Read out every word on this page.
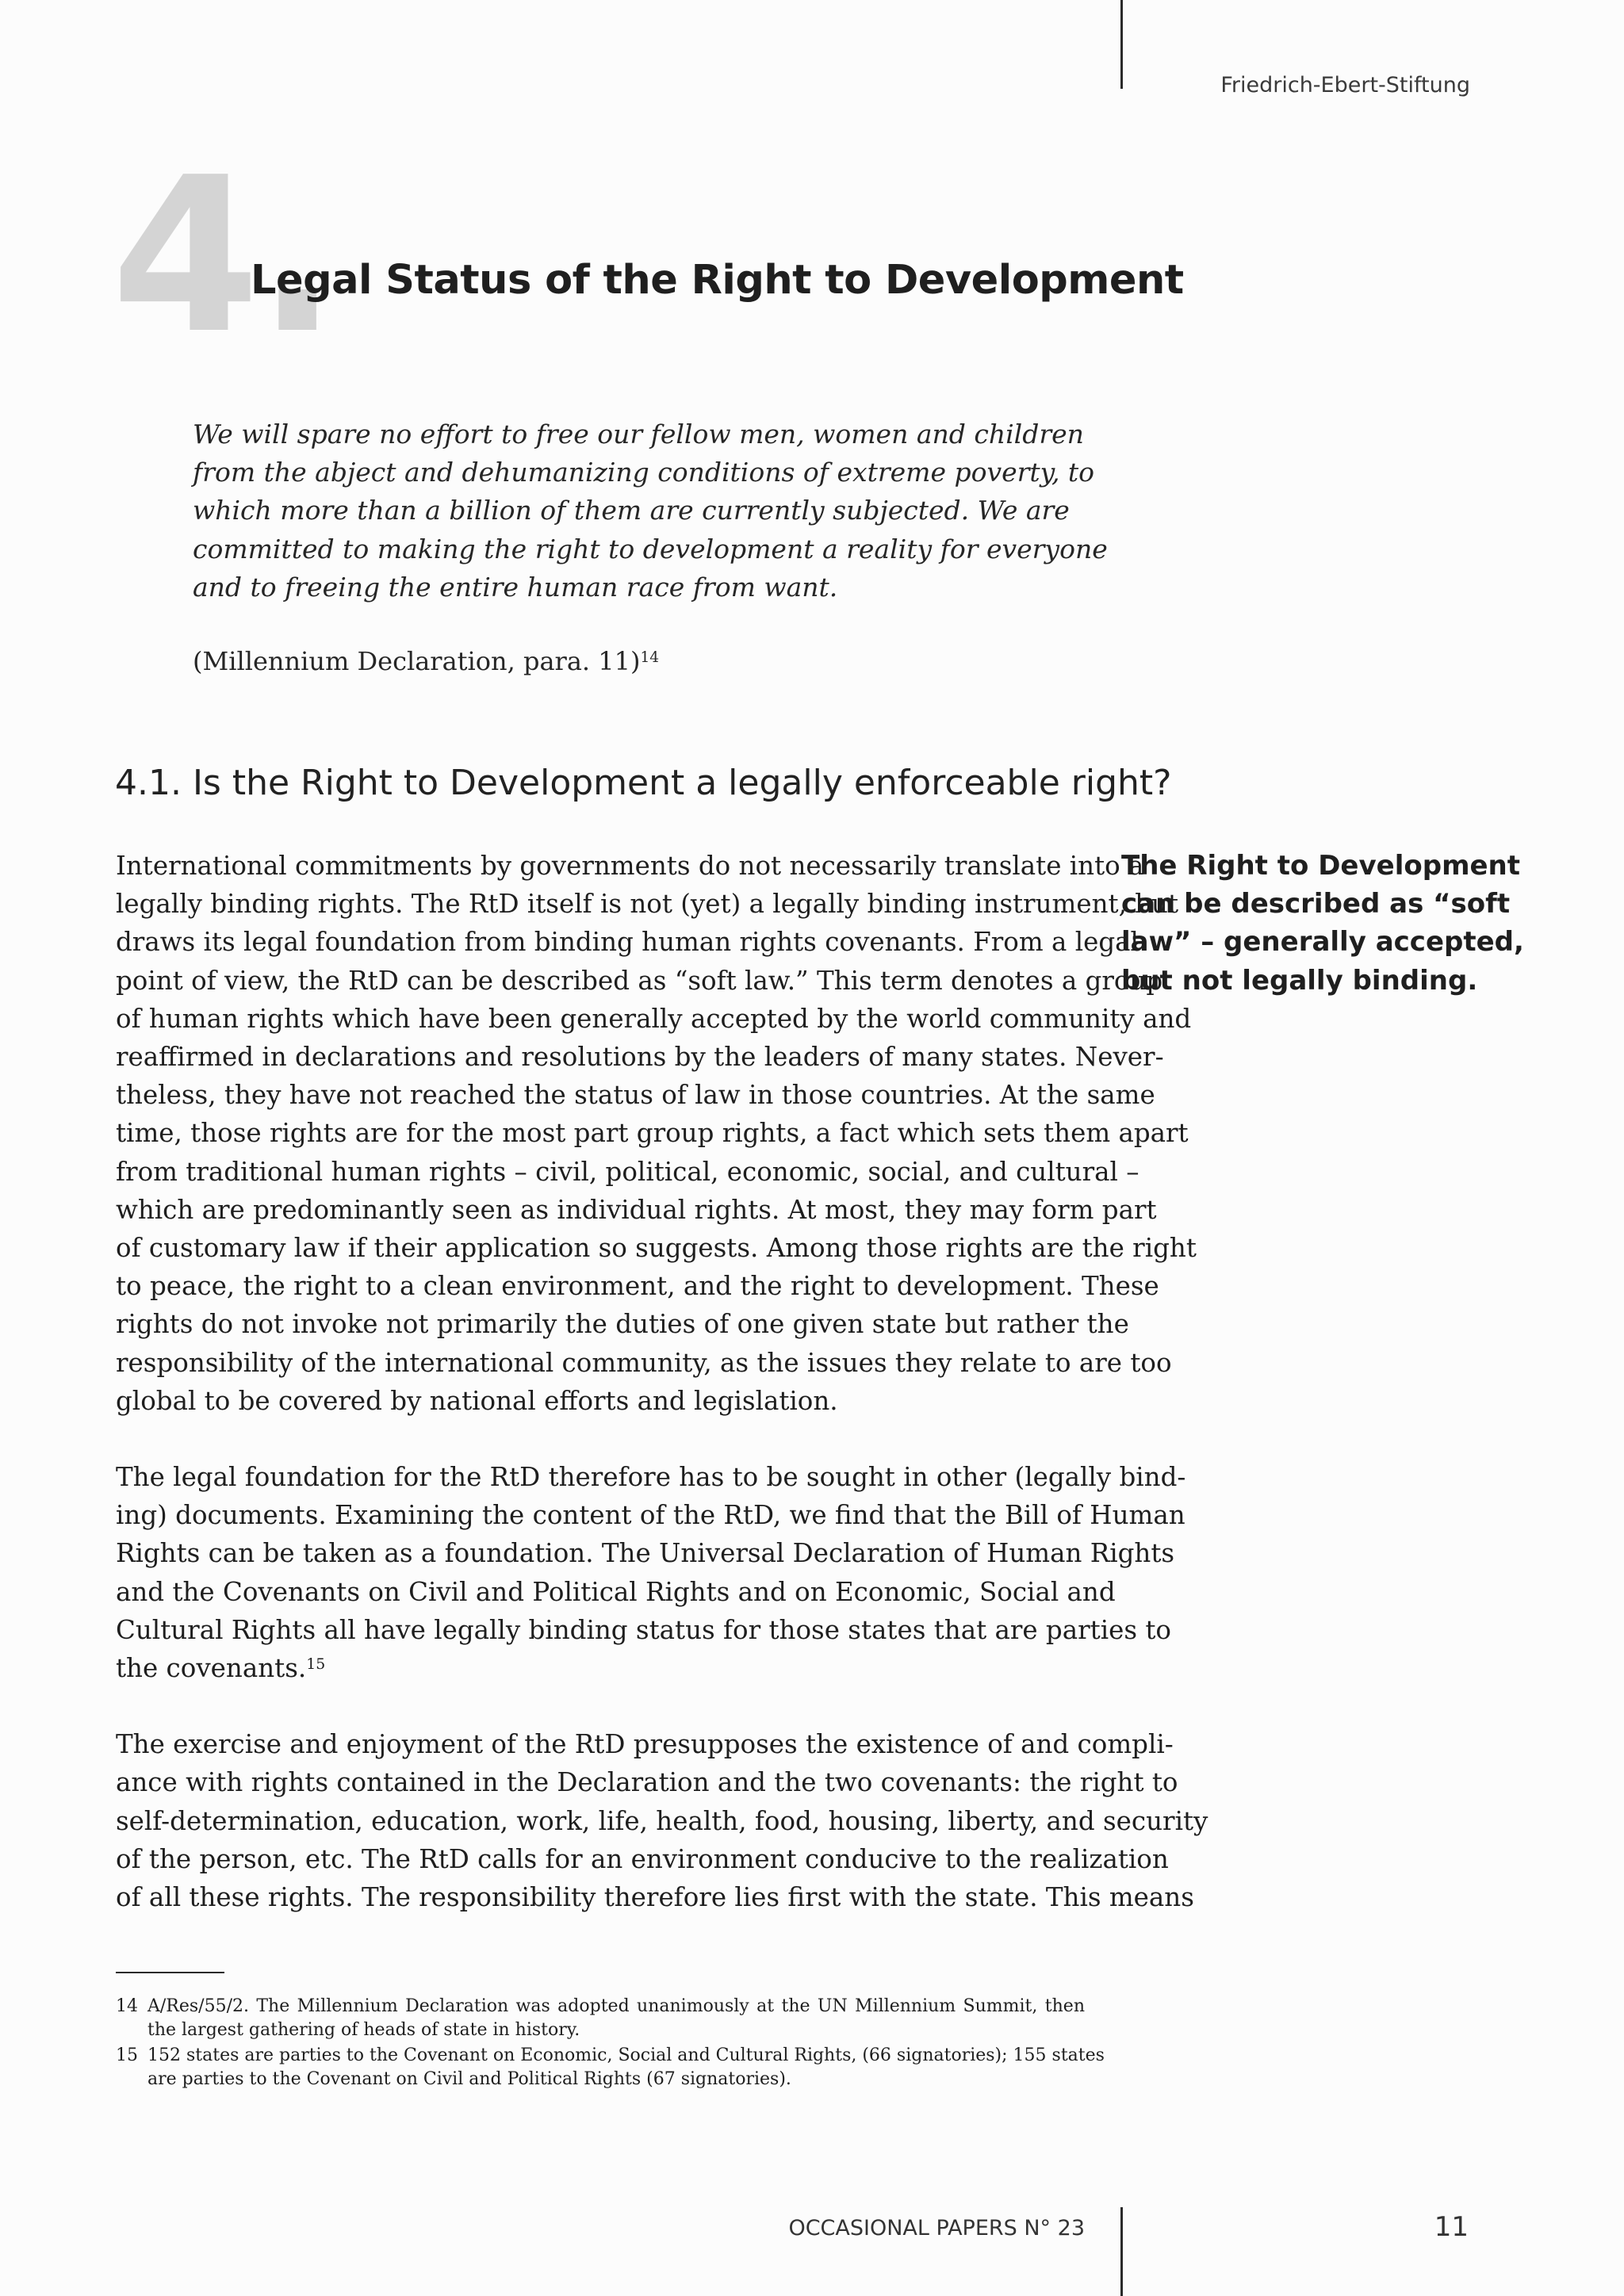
Friedrich-Ebert-Stiftung
4.
Legal Status of the Right to Development
We will spare no effort to free our fellow men, women and children
from the abject and dehumanizing conditions of extreme poverty, to
which more than a billion of them are currently subjected. We are
committed to making the right to development a reality for everyone
and to freeing the entire human race from want.
(Millennium Declaration, para. 11)$^{14}$
4.1. Is the Right to Development a legally enforceable right?
International commitments by governments do not necessarily translate into a
legally binding rights. The RtD itself is not (yet) a legally binding instrument, but
draws its legal foundation from binding human rights covenants. From a legal
point of view, the RtD can be described as “soft law.” This term denotes a group
of human rights which have been generally accepted by the world community and
reaffirmed in declarations and resolutions by the leaders of many states. Never-
theless, they have not reached the status of law in those countries. At the same
time, those rights are for the most part group rights, a fact which sets them apart
from traditional human rights – civil, political, economic, social, and cultural –
which are predominantly seen as individual rights. At most, they may form part
of customary law if their application so suggests. Among those rights are the right
to peace, the right to a clean environment, and the right to development. These
rights do not invoke not primarily the duties of one given state but rather the
responsibility of the international community, as the issues they relate to are too
global to be covered by national efforts and legislation.
The legal foundation for the RtD therefore has to be sought in other (legally bind-
ing) documents. Examining the content of the RtD, we find that the Bill of Human
Rights can be taken as a foundation. The Universal Declaration of Human Rights
and the Covenants on Civil and Political Rights and on Economic, Social and
Cultural Rights all have legally binding status for those states that are parties to
the covenants.$^{15}$
The exercise and enjoyment of the RtD presupposes the existence of and compli-
ance with rights contained in the Declaration and the two covenants: the right to
self-determination, education, work, life, health, food, housing, liberty, and security
of the person, etc. The RtD calls for an environment conducive to the realization
of all these rights. The responsibility therefore lies first with the state. This means
The Right to Development
can be described as “soft
law” – generally accepted,
but not legally binding.
14 A/Res/55/2. The Millennium Declaration was adopted unanimously at the UN Millennium Summit, then
the largest gathering of heads of state in history.
15 152 states are parties to the Covenant on Economic, Social and Cultural Rights, (66 signatories); 155 states
are parties to the Covenant on Civil and Political Rights (67 signatories).
OCCASIONAL PAPERS N° 23	11
